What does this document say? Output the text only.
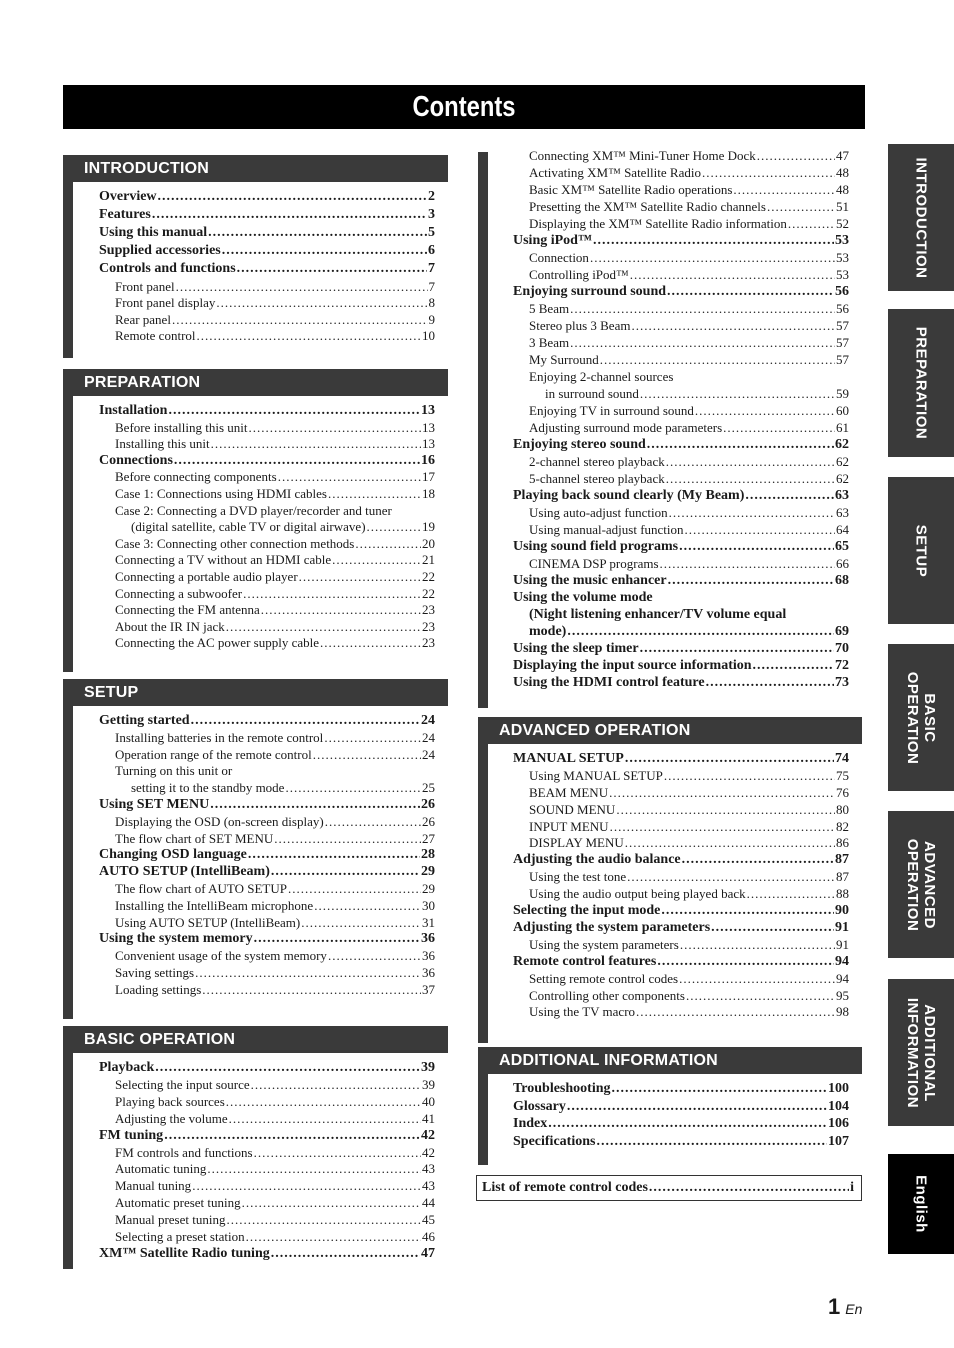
Contents
INTRODUCTION
PREPARATION
SETUP
BASIC OPERATION
ADVANCED OPERATION
ADDITIONAL INFORMATION
Overview .....	2
Features .....	3
Using this manual .....	5
Supplied accessories .....	6
Controls and functions .....	7
Front panel .....	7
Front panel display .....	8
Rear panel .....	9
Remote control .....	10
Installation .....	13
Before installing this unit .....	13
Installing this unit .....	13
Connections .....	16
Before connecting components .....	17
Case 1: Connections using HDMI cables .....	18
Case 2: Connecting a DVD player/recorder and tuner
(digital satellite, cable TV or digital airwave) .....	19
Case 3: Connecting other connection methods .....	20
Connecting a TV without an HDMI cable .....	21
Connecting a portable audio player .....	22
Connecting a subwoofer .....	22
Connecting the FM antenna .....	23
About the IR IN jack .....	23
Connecting the AC power supply cable .....	23
Getting started .....	24
Installing batteries in the remote control .....	24
Operation range of the remote control .....	24
Turning on this unit or
setting it to the standby mode .....	25
Using SET MENU .....	26
Displaying the OSD (on-screen display) .....	26
The flow chart of SET MENU .....	27
Changing OSD language .....	28
AUTO SETUP (IntelliBeam) .....	29
The flow chart of AUTO SETUP .....	29
Installing the IntelliBeam microphone .....	30
Using AUTO SETUP (IntelliBeam) .....	31
Using the system memory .....	36
Convenient usage of the system memory .....	36
Saving settings .....	36
Loading settings .....	37
Playback .....	39
Selecting the input source .....	39
Playing back sources .....	40
Adjusting the volume .....	41
FM tuning .....	42
FM controls and functions .....	42
Automatic tuning .....	43
Manual tuning .....	43
Automatic preset tuning .....	44
Manual preset tuning .....	45
Selecting a preset station .....	46
XM™ Satellite Radio tuning .....	47
Connecting XM™ Mini-Tuner Home Dock .....	47
Activating XM™ Satellite Radio .....	48
Basic XM™ Satellite Radio operations .....	48
Presetting the XM™ Satellite Radio channels .....	51
Displaying the XM™ Satellite Radio information .....	52
Using iPod™ .....	53
Connection .....	53
Controlling iPod™ .....	53
Enjoying surround sound .....	56
5 Beam .....	56
Stereo plus 3 Beam .....	57
3 Beam .....	57
My Surround .....	57
Enjoying 2-channel sources
in surround sound .....	59
Enjoying TV in surround sound .....	60
Adjusting surround mode parameters .....	61
Enjoying stereo sound .....	62
2-channel stereo playback .....	62
5-channel stereo playback .....	62
Playing back sound clearly (My Beam) .....	63
Using auto-adjust function .....	63
Using manual-adjust function .....	64
Using sound field programs .....	65
CINEMA DSP programs .....	66
Using the music enhancer .....	68
Using the volume mode
(Night listening enhancer/TV volume equal
mode) .....	69
Using the sleep timer .....	70
Displaying the input source information .....	72
Using the HDMI control feature .....	73
MANUAL SETUP .....	74
Using MANUAL SETUP .....	75
BEAM MENU .....	76
SOUND MENU .....	80
INPUT MENU .....	82
DISPLAY MENU .....	86
Adjusting the audio balance .....	87
Using the test tone .....	87
Using the audio output being played back .....	88
Selecting the input mode .....	90
Adjusting the system parameters .....	91
Using the system parameters .....	91
Remote control features .....	94
Setting remote control codes .....	94
Controlling other components .....	95
Using the TV macro .....	98
Troubleshooting .....	100
Glossary .....	104
Index .....	106
Specifications .....	107
List of remote control codes .....	i
INTRODUCTION
PREPARATION
SETUP
BASIC
OPERATION
ADVANCED
OPERATION
ADDITIONAL
INFORMATION
English
1 En
